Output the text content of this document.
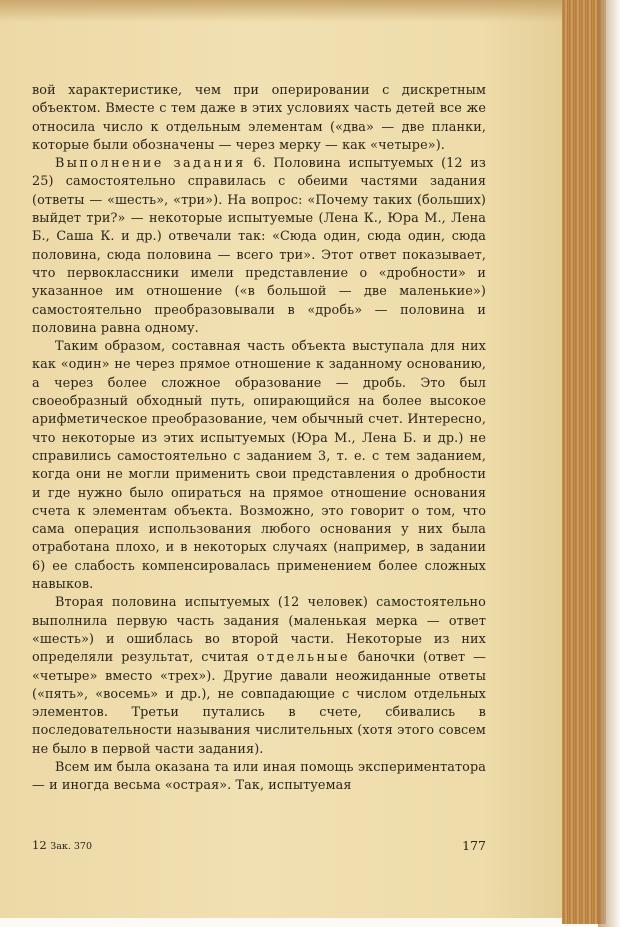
вой характеристике, чем при оперировании с дискретным объектом. Вместе с тем даже в этих условиях часть детей все же относила число к отдельным элементам («два» — две планки, которые были обозначены — через мерку — как «четыре»).

Выполнение задания 6. Половина испытуемых (12 из 25) самостоятельно справилась с обеими частями задания (ответы — «шесть», «три»). На вопрос: «Почему таких (больших) выйдет три?» — некоторые испытуемые (Лена К., Юра М., Лена Б., Саша К. и др.) отвечали так: «Сюда один, сюда один, сюда половина, сюда половина — всего три». Этот ответ показывает, что первоклассники имели представление о «дробности» и указанное им отношение («в большой — две маленькие») самостоятельно преобразовывали в «дробь» — половина и половина равна одному.

Таким образом, составная часть объекта выступала для них как «один» не через прямое отношение к заданному основанию, а через более сложное образование — дробь. Это был своеобразный обходный путь, опирающийся на более высокое арифметическое преобразование, чем обычный счет. Интересно, что некоторые из этих испытуемых (Юра М., Лена Б. и др.) не справились самостоятельно с заданием 3, т. е. с тем заданием, когда они не могли применить свои представления о дробности и где нужно было опираться на прямое отношение основания счета к элементам объекта. Возможно, это говорит о том, что сама операция использования любого основания у них была отработана плохо, и в некоторых случаях (например, в задании 6) ее слабость компенсировалась применением более сложных навыков.

Вторая половина испытуемых (12 человек) самостоятельно выполнила первую часть задания (маленькая мерка — ответ «шесть») и ошиблась во второй части. Некоторые из них определяли результат, считая отдельные баночки (ответ — «четыре» вместо «трех»). Другие давали неожиданные ответы («пять», «восемь» и др.), не совпадающие с числом отдельных элементов. Третьи путались в счете, сбивались в последовательности называния числительных (хотя этого совсем не было в первой части задания).

Всем им была оказана та или иная помощь экспериментатора — и иногда весьма «острая». Так, испытуемая

12 Зак. 370	177
